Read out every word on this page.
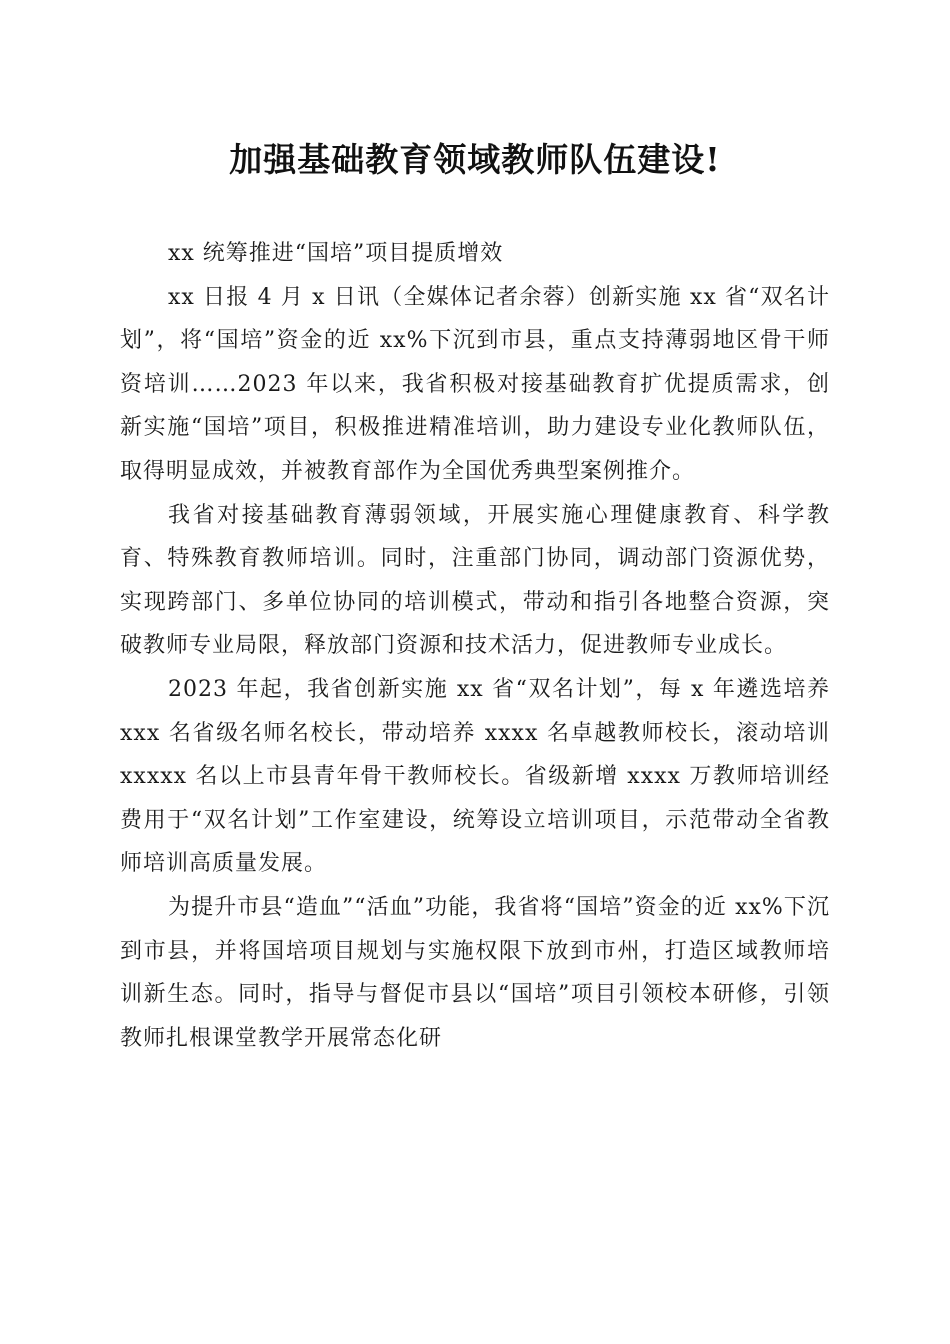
加强基础教育领域教师队伍建设!

xx 统筹推进“国培”项目提质增效

xx 日报 4 月 x 日讯（全媒体记者余蓉）创新实施 xx 省“双名计划”，将“国培”资金的近 xx%下沉到市县，重点支持薄弱地区骨干师资培训……2023 年以来，我省积极对接基础教育扩优提质需求，创新实施“国培”项目，积极推进精准培训，助力建设专业化教师队伍，取得明显成效，并被教育部作为全国优秀典型案例推介。

我省对接基础教育薄弱领域，开展实施心理健康教育、科学教育、特殊教育教师培训。同时，注重部门协同，调动部门资源优势，实现跨部门、多单位协同的培训模式，带动和指引各地整合资源，突破教师专业局限，释放部门资源和技术活力，促进教师专业成长。

2023 年起，我省创新实施 xx 省“双名计划”，每 x 年遴选培养 xxx 名省级名师名校长，带动培养 xxxx 名卓越教师校长，滚动培训 xxxxx 名以上市县青年骨干教师校长。省级新增 xxxx 万教师培训经费用于“双名计划”工作室建设，统筹设立培训项目，示范带动全省教师培训高质量发展。

为提升市县“造血”“活血”功能，我省将“国培”资金的近 xx%下沉到市县，并将国培项目规划与实施权限下放到市州，打造区域教师培训新生态。同时，指导与督促市县以“国培”项目引领校本研修，引领教师扎根课堂教学开展常态化研
